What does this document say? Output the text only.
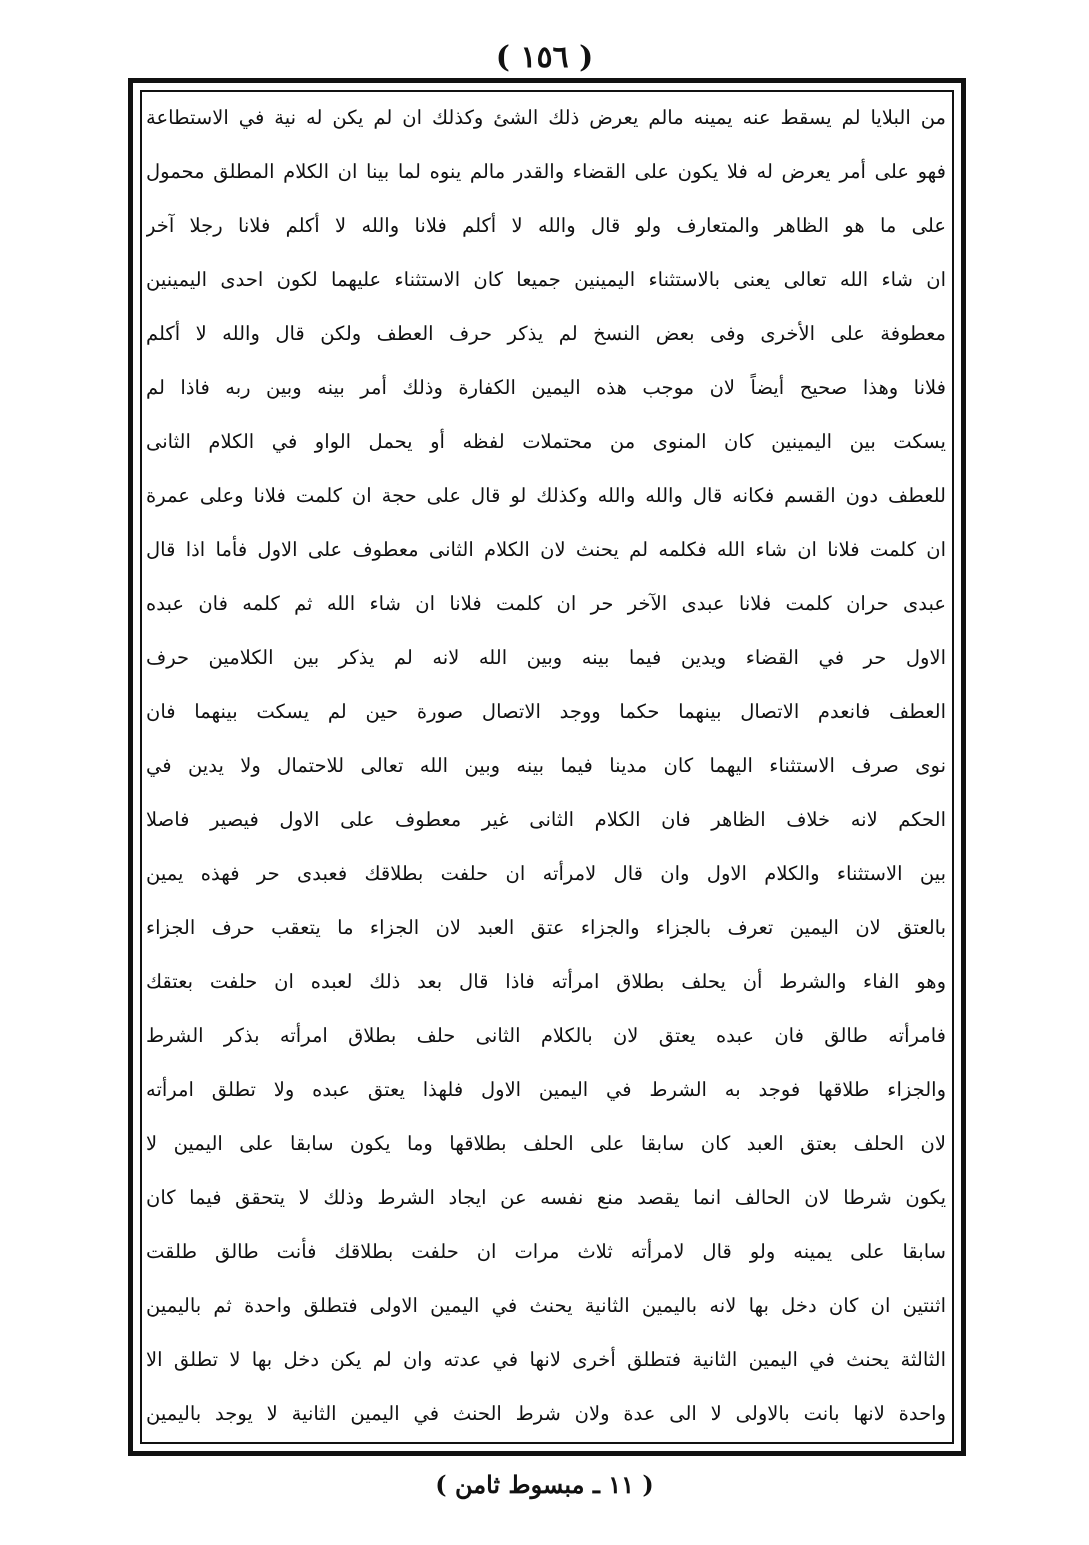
( ١٥٦ )
من البلايا لم يسقط عنه يمينه مالم يعرض ذلك الشئ وكذلك ان لم يكن له نية في الاستطاعة
فهو على أمر يعرض له فلا يكون على القضاء والقدر مالم ينوه لما بينا ان الكلام المطلق محمول
على ما هو الظاهر والمتعارف ولو قال والله لا أكلم فلانا والله لا أكلم فلانا رجلا آخر
ان شاء الله تعالى يعنى بالاستثناء اليمينين جميعا كان الاستثناء عليهما لكون احدى اليمينين
معطوفة على الأخرى وفى بعض النسخ لم يذكر حرف العطف ولكن قال والله لا أكلم
فلانا وهذا صحيح أيضاً لان موجب هذه اليمين الكفارة وذلك أمر بينه وبين ربه فاذا لم
يسكت بين اليمينين كان المنوى من محتملات لفظه أو يحمل الواو في الكلام الثانى
للعطف دون القسم فكانه قال والله والله وكذلك لو قال على حجة ان كلمت فلانا وعلى عمرة
ان كلمت فلانا ان شاء الله فكلمه لم يحنث لان الكلام الثانى معطوف على الاول فأما اذا قال
عبدى حران كلمت فلانا عبدى الآخر حر ان كلمت فلانا ان شاء الله ثم كلمه فان عبده
الاول حر في القضاء ويدين فيما بينه وبين الله لانه لم يذكر بين الكلامين حرف
العطف فانعدم الاتصال بينهما حكما ووجد الاتصال صورة حين لم يسكت بينهما فان
نوى صرف الاستثناء اليهما كان مدينا فيما بينه وبين الله تعالى للاحتمال ولا يدين في
الحكم لانه خلاف الظاهر فان الكلام الثانى غير معطوف على الاول فيصير فاصلا
بين الاستثناء والكلام الاول وان قال لامرأته ان حلفت بطلاقك فعبدى حر فهذه يمين
بالعتق لان اليمين تعرف بالجزاء والجزاء عتق العبد لان الجزاء ما يتعقب حرف الجزاء
وهو الفاء والشرط أن يحلف بطلاق امرأته فاذا قال بعد ذلك لعبده ان حلفت بعتقك
فامرأته طالق فان عبده يعتق لان بالكلام الثانى حلف بطلاق امرأته بذكر الشرط
والجزاء طلاقها فوجد به الشرط في اليمين الاول فلهذا يعتق عبده ولا تطلق امرأته
لان الحلف بعتق العبد كان سابقا على الحلف بطلاقها وما يكون سابقا على اليمين لا
يكون شرطا لان الحالف انما يقصد منع نفسه عن ايجاد الشرط وذلك لا يتحقق فيما كان
سابقا على يمينه ولو قال لامرأته ثلاث مرات ان حلفت بطلاقك فأنت طالق طلقت
اثنتين ان كان دخل بها لانه باليمين الثانية يحنث في اليمين الاولى فتطلق واحدة ثم باليمين
الثالثة يحنث في اليمين الثانية فتطلق أخرى لانها في عدته وان لم يكن دخل بها لا تطلق الا
واحدة لانها بانت بالاولى لا الى عدة ولان شرط الحنث في اليمين الثانية لا يوجد باليمين
( ١١ ـ مبسوط ثامن )
